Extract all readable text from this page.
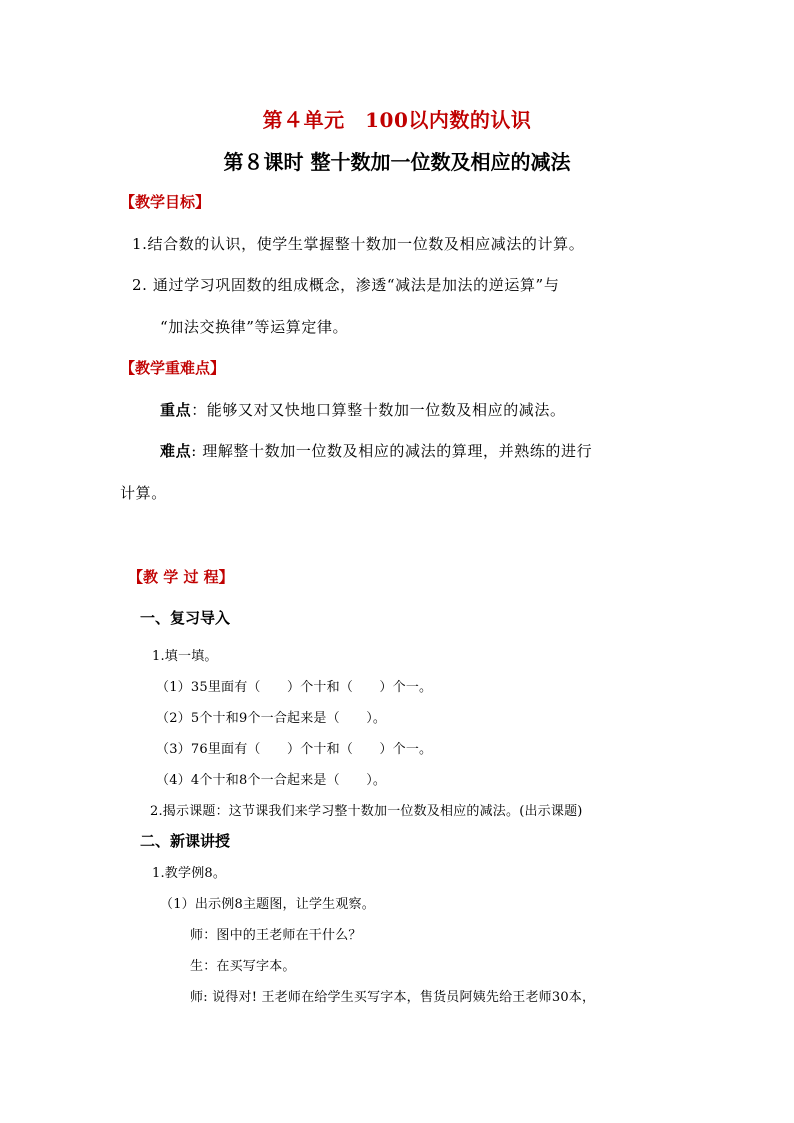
第４单元　100以内数的认识
第８课时 整十数加一位数及相应的减法
【教学目标】
1.结合数的认识，使学生掌握整十数加一位数及相应减法的计算。
2. 通过学习巩固数的组成概念，渗透“减法是加法的逆运算”与
“加法交换律”等运算定律。
【教学重难点】
重点：能够又对又快地口算整十数加一位数及相应的减法。
难点: 理解整十数加一位数及相应的减法的算理，并熟练的进行
计算。
【教 学 过 程】
一、复习导入
1.填一填。
（1）35里面有（　　）个十和（　　）个一。
（2）5个十和9个一合起来是（　　）。
（3）76里面有（　　）个十和（　　）个一。
（4）4个十和8个一合起来是（　　）。
2.揭示课题：这节课我们来学习整十数加一位数及相应的减法。(出示课题)
二、新课讲授
1.教学例8。
（1）出示例8主题图，让学生观察。
师：图中的王老师在干什么？
生：在买写字本。
师: 说得对! 王老师在给学生买写字本，售货员阿姨先给王老师30本，
